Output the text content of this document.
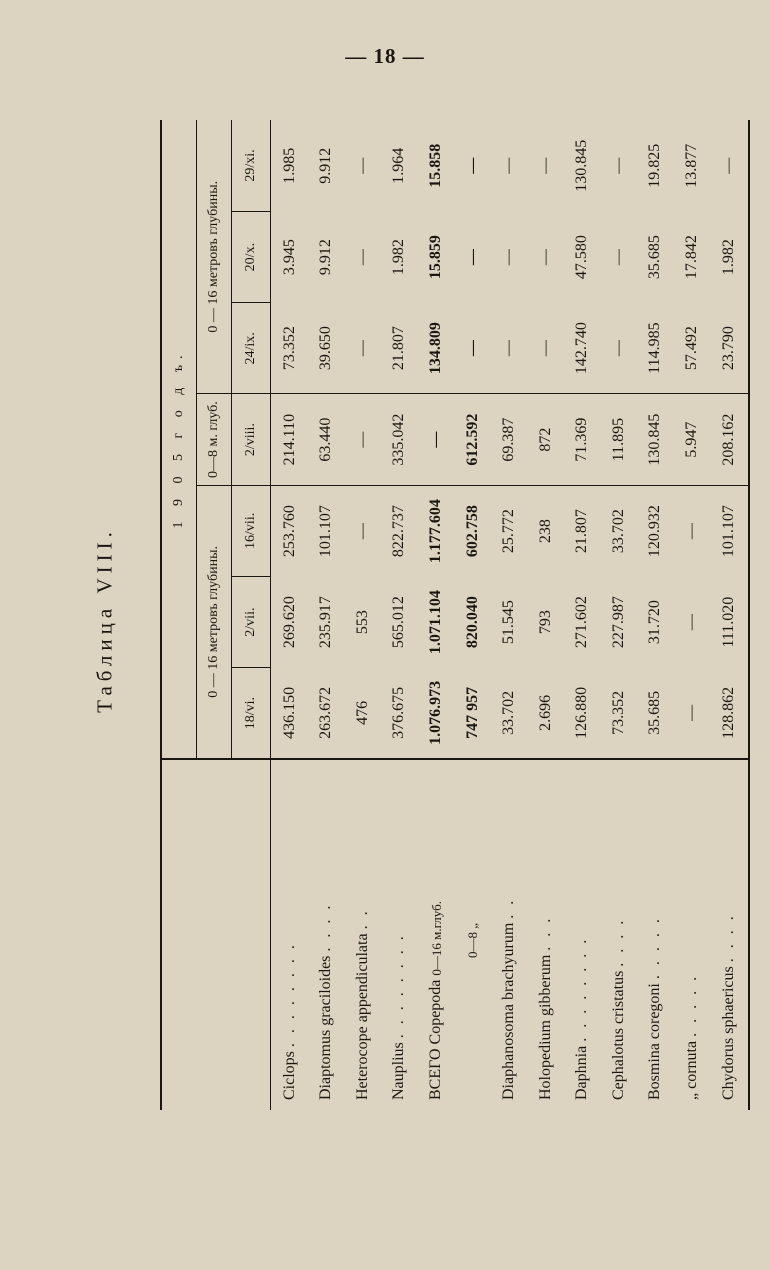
— 18 —
Таблица VIII.
	1 9 0 5 г о д ъ.						
	0 — 16 метровъ глубины.			0—8 м. глуб.	0 — 16 метровъ глубины.		
	18/vi.	2/vii.	16/vii.	2/viii.	24/ix.	20/x.	29/xi.
Ciclops . . . . . . . .	436.150	269.620	253.760	214.110	73.352	3.945	1.985
Diaptomus graciloides . . . .	263.672	235.917	101.107	63.440	39.650	9.912	9.912
Heterocope appendiculata . .	476	553	—	—	—	—	—
Nauplius . . . . . . . .	376.675	565.012	822.737	335.042	21.807	1.982	1.964
ВСЕГО Copepoda 0—16 м.глуб.	1.076.973	1.071.104	1.177.604	—	134.809	15.859	15.858
0—8 „	747 957	820.040	602.758	612.592	—	—	—
Diaphanosoma brachyurum . .	33.702	51.545	25.772	69.387	—	—	—
Holopedium gibberum . . .	2.696	793	238	872	—	—	—
Daphnia . . . . . . . .	126.880	271.602	21.807	71.369	142.740	47.580	130.845
Cephalotus cristatus . . . .	73.352	227.987	33.702	11.895	—	—	—
Bosmina coregoni . . . . .	35.685	31.720	120.932	130.845	114.985	35.685	19.825
„ cornuta . . . . .	—	—	—	5.947	57.492	17.842	13.877
Chydorus sphaericus . . . .	128.862	111.020	101.107	208.162	23.790	1.982	—
